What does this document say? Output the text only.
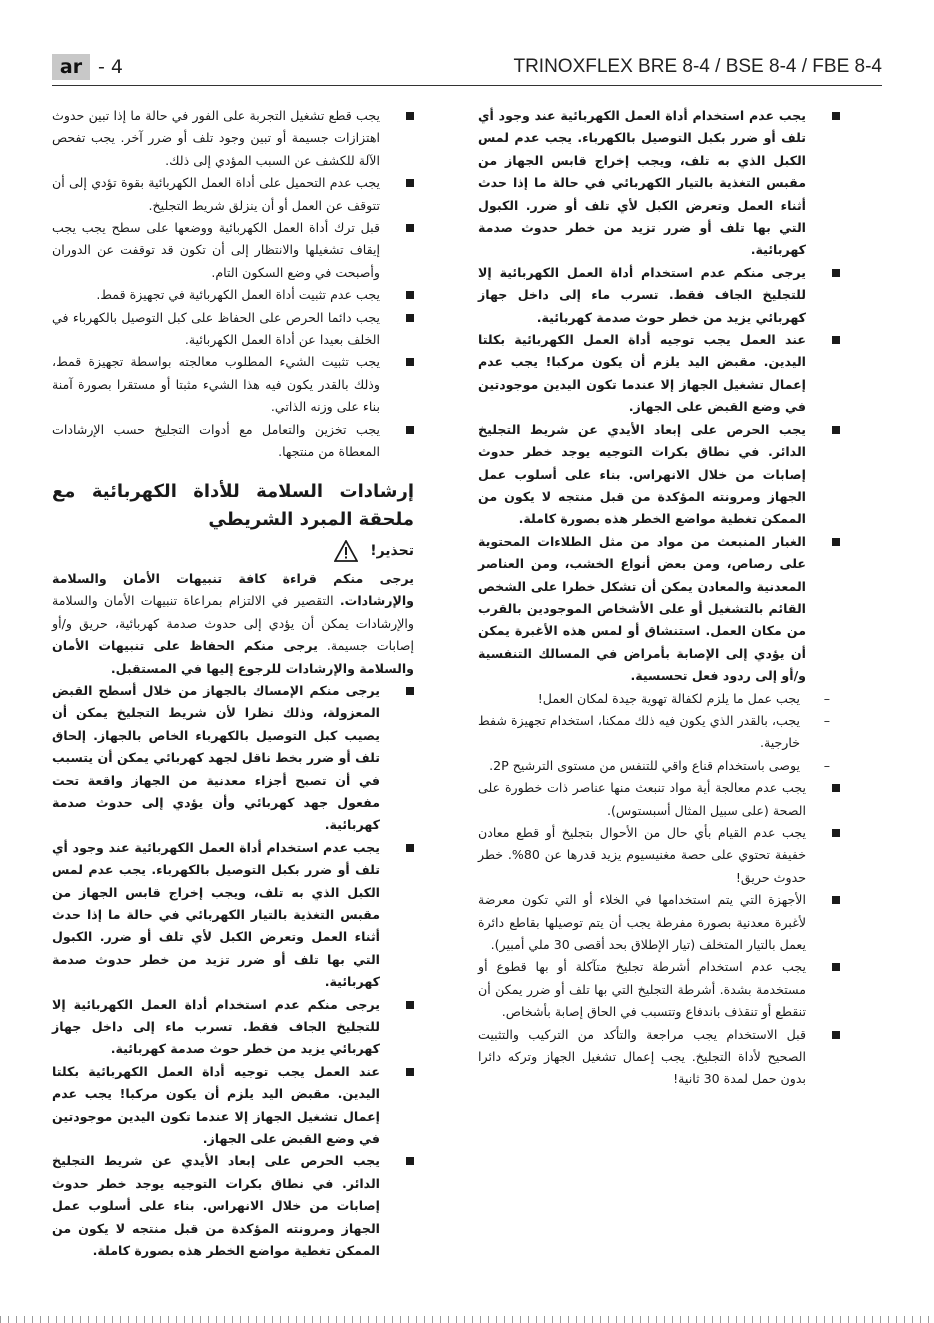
ar - 4	TRINOXFLEX BRE 8-4 / BSE 8-4 / FBE 8-4
يجب عدم استخدام أداة العمل الكهربائية عند وجود أي تلف أو ضرر بكبل التوصيل بالكهرباء. يجب عدم لمس الكبل الذي به تلف، ويجب إخراج قابس الجهاز من مقبس التغذية بالتيار الكهربائي في حالة ما إذا حدث أثناء العمل وتعرض الكبل لأي تلف أو ضرر. الكبول التي بها تلف أو ضرر تزيد من خطر حدوث صدمة كهربائية.
يرجى منكم عدم استخدام أداة العمل الكهربائية إلا للتجليخ الجاف فقط. تسرب ماء إلى داخل جهاز كهربائي يزيد من خطر حوث صدمة كهربائية.
عند العمل يجب توجيه أداة العمل الكهربائية بكلتا اليدين. مقبض اليد يلزم أن يكون مركبا! يجب عدم إعمال تشغيل الجهاز إلا عندما تكون اليدين موجودتين في وضع القبض على الجهاز.
يجب الحرص على إبعاد الأيدي عن شريط التجليخ الدائر. في نطاق بكرات التوجيه يوجد خطر حدوث إصابات من خلال الانهراس. بناء على أسلوب عمل الجهاز ومرونته المؤكدة من قبل منتجه لا يكون من الممكن تغطية مواضع الخطر هذه بصورة كاملة.
الغبار المنبعث من مواد من مثل الطلاءات المحتوية على رصاص، ومن بعض أنواع الخشب، ومن العناصر المعدنية والمعادن يمكن أن تشكل خطرا على الشخص القائم بالتشغيل أو على الأشخاص الموجودين بالقرب من مكان العمل. استنشاق أو لمس هذه الأغبرة يمكن أن يؤدي إلى الإصابة بأمراض في المسالك التنفسية و/أو إلى ردود فعل تحسسية.
–
يجب عمل ما يلزم لكفالة تهوية جيدة لمكان العمل!
–
يجب، بالقدر الذي يكون فيه ذلك ممكنا، استخدام تجهيزة شفط خارجية.
–
يوصى باستخدام قناع واقي للتنفس من مستوى الترشيح 2P.
يجب عدم معالجة أية مواد تنبعث منها عناصر ذات خطورة على الصحة (على سبيل المثال أسبستوس).
يجب عدم القيام بأي حال من الأحوال بتجليخ أو قطع معادن خفيفة تحتوي على حصة مغنيسيوم يزيد قدرها عن 80%. خطر حدوث حريق!
الأجهزة التي يتم استخدامها في الخلاء أو التي تكون معرضة لأغبرة معدنية بصورة مفرطة يجب أن يتم توصيلها بقاطع دائرة يعمل بالتيار المتخلف (تيار الإطلاق بحد أقصى 30 ملي أمبير).
يجب عدم استخدام أشرطة تجليخ متآكلة أو بها قطوع أو مستخدمة بشدة. أشرطة التجليخ التي بها تلف أو ضرر يمكن أن تنقطع أو تنقذف باندفاع وتتسبب في الحاق إصابة بأشخاص.
قبل الاستخدام يجب مراجعة والتأكد من التركيب والتثبيت الصحيح لأداة التجليخ. يجب إعمال تشغيل الجهاز وتركه دائرا بدون حمل لمدة 30 ثانية!
يجب قطع تشغيل التجربة على الفور في حالة ما إذا تبين حدوث اهتزازات جسيمة أو تبين وجود تلف أو ضرر آخر. يجب تفحص الآلة للكشف عن السبب المؤدي إلى ذلك.
يجب عدم التحميل على أداة العمل الكهربائية بقوة تؤدي إلى أن تتوقف عن العمل أو أن ينزلق شريط التجليخ.
قبل ترك أداة العمل الكهربائية ووضعها على سطح يجب يجب إيقاف تشغيلها والانتظار إلى أن تكون قد توقفت عن الدوران وأصبحت في وضع السكون التام.
يجب عدم تثبيت أداة العمل الكهربائية في تجهيزة قمط.
يجب دائما الحرص على الحفاظ على كبل التوصيل بالكهرباء في الخلف بعيدا عن أداة العمل الكهربائية.
يجب تثبيت الشيء المطلوب معالجته بواسطة تجهيزة قمط، وذلك بالقدر يكون فيه هذا الشيء مثبتا أو مستقرا بصورة آمنة بناء على وزنه الذاتي.
يجب تخزين والتعامل مع أدوات التجليخ حسب الإرشادات المعطاة من منتجها.
إرشادات السلامة للأداة الكهربائية مع ملحقة المبرد الشريطي
تحذير!

يرجى منكم قراءة كافة تنبيهات الأمان والسلامة والإرشادات. التقصير في الالتزام بمراعاة تنبيهات الأمان والسلامة والإرشادات يمكن أن يؤدي إلى حدوث صدمة كهربائية، حريق و/أو إصابات جسيمة. يرجى منكم الحفاظ على تنبيهات الأمان والسلامة والإرشادات للرجوع إليها في المستقبل.

يرجى منكم الإمساك بالجهاز من خلال أسطح القبض المعزولة، وذلك نظرا لأن شريط التجليخ يمكن أن يصيب كبل التوصيل بالكهرباء الخاص بالجهاز. إلحاق تلف أو ضرر بخط ناقل لجهد كهربائي يمكن أن يتسبب في أن تصبح أجزاء معدنية من الجهاز واقعة تحت مفعول جهد كهربائي وأن يؤدي إلى حدوث صدمة كهربائية.
يجب عدم استخدام أداة العمل الكهربائية عند وجود أي تلف أو ضرر بكبل التوصيل بالكهرباء. يجب عدم لمس الكبل الذي به تلف، ويجب إخراج قابس الجهاز من مقبس التغذية بالتيار الكهربائي في حالة ما إذا حدث أثناء العمل وتعرض الكبل لأي تلف أو ضرر. الكبول التي بها تلف أو ضرر تزيد من خطر حدوث صدمة كهربائية.
يرجى منكم عدم استخدام أداة العمل الكهربائية إلا للتجليخ الجاف فقط. تسرب ماء إلى داخل جهاز كهربائي يزيد من خطر حوث صدمة كهربائية.
عند العمل يجب توجيه أداة العمل الكهربائية بكلتا اليدين. مقبض اليد يلزم أن يكون مركبا! يجب عدم إعمال تشغيل الجهاز إلا عندما تكون اليدين موجودتين في وضع القبض على الجهاز.
يجب الحرص على إبعاد الأيدي عن شريط التجليخ الدائر. في نطاق بكرات التوجيه يوجد خطر حدوث إصابات من خلال الانهراس. بناء على أسلوب عمل الجهاز ومرونته المؤكدة من قبل منتجه لا يكون من الممكن تغطية مواضع الخطر هذه بصورة كاملة.
